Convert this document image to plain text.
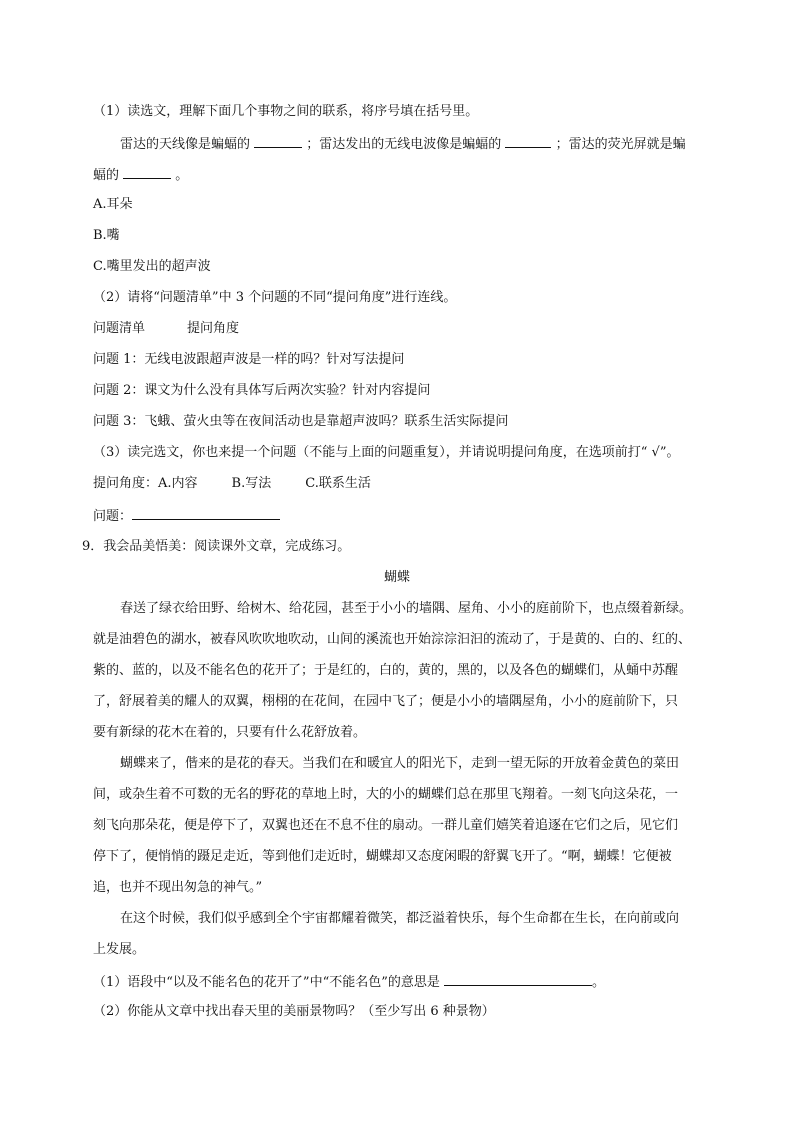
（1）读选文，理解下面几个事物之间的联系，将序号填在括号里。
雷达的天线像是蝙蝠的	；雷达发出的无线电波像是蝙蝠的	；雷达的荧光屏就是蝙
蝠的	。
A.耳朵
B.嘴
C.嘴里发出的超声波
（2）请将“问题清单”中 3 个问题的不同“提问角度”进行连线。
问题清单	提问角度
问题 1：无线电波跟超声波是一样的吗？针对写法提问
问题 2：课文为什么没有具体写后两次实验？针对内容提问
问题 3：飞蛾、萤火虫等在夜间活动也是靠超声波吗？联系生活实际提问
（3）读完选文，你也来提一个问题（不能与上面的问题重复），并请说明提问角度，在选项前打“ √”。
提问角度：A.内容	B.写法	C.联系生活
问题：
9．我会品美悟美：阅读课外文章，完成练习。
蝴蝶
春送了绿衣给田野、给树木、给花园，甚至于小小的墙隅、屋角、小小的庭前阶下，也点缀着新绿。
就是油碧色的湖水，被春风吹吹地吹动，山间的溪流也开始淙淙汩汩的流动了，于是黄的、白的、红的、
紫的、蓝的，以及不能名色的花开了；于是红的，白的，黄的，黑的，以及各色的蝴蝶们，从蛹中苏醒
了，舒展着美的耀人的双翼，栩栩的在花间，在园中飞了；便是小小的墙隅屋角，小小的庭前阶下，只
要有新绿的花木在着的，只要有什么花舒放着。
蝴蝶来了，偕来的是花的春天。当我们在和暖宜人的阳光下，走到一望无际的开放着金黄色的菜田
间，或杂生着不可数的无名的野花的草地上时，大的小的蝴蝶们总在那里飞翔着。一刻飞向这朵花，一
刻飞向那朵花，便是停下了，双翼也还在不息不住的扇动。一群儿童们嬉笑着追逐在它们之后，见它们
停下了，便悄悄的蹑足走近，等到他们走近时，蝴蝶却又态度闲暇的舒翼飞开了。“啊，蝴蝶！它便被
追，也并不现出匆急的神气。”
在这个时候，我们似乎感到全个宇宙都耀着微笑，都泛溢着快乐，每个生命都在生长，在向前或向
上发展。
（1）语段中“以及不能名色的花开了”中“不能名色”的意思是	。
（2）你能从文章中找出春天里的美丽景物吗？（至少写出 6 种景物）
